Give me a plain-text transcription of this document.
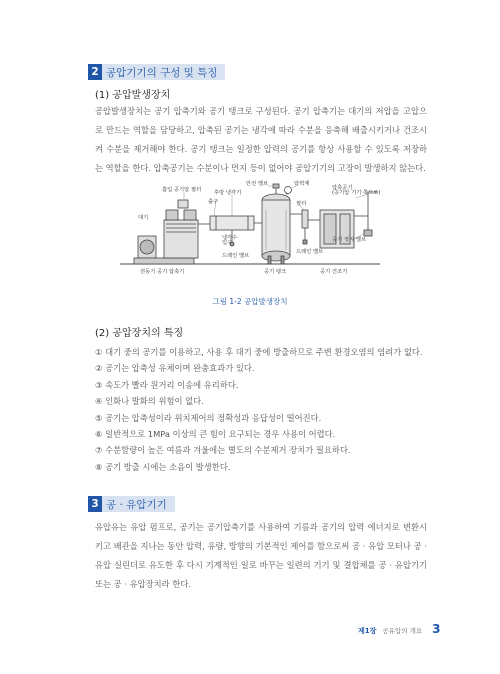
2 공압기기의 구성 및 특징
(1) 공압발생장치

공압발생장치는 공기 압축기와 공기 탱크로 구성된다. 공기 압축기는 대기의 저압을 고압으로 만드는 역할을 담당하고, 압축된 공기는 냉각에 따라 수분을 응축해 배출시키거나 건조시켜 수분을 제거해야 한다. 공기 탱크는 일정한 압력의 공기를 항상 사용할 수 있도록 저장하는 역할을 한다. 압축공기는 수분이나 먼지 등이 없어야 공압기기의 고장이 발생하지 않는다.

안전 밸브	압력계
흡입 공기압 필터 후방 냉각기
출구
대기
냉각수
입구
드레인 밸브
필터
드레인 밸브
압축공기
(공기압 기기 쪽으로)
공기 정지 밸브
전동기 공기 압축기	공기 탱크	공기 건조기
그림 1-2 공압발생장치
(2) 공압장치의 특징
① 대기 중의 공기를 이용하고, 사용 후 대기 중에 방출하므로 주변 환경오염의 염려가 없다.
② 공기는 압축성 유체이며 완충효과가 있다.
③ 속도가 빨라 원거리 이송에 유리하다.
④ 인화나 발화의 위험이 없다.
⑤ 공기는 압축성이라 위치제어의 정확성과 응답성이 떨어진다.
⑥ 일반적으로 1MPa 이상의 큰 힘이 요구되는 경우 사용이 어렵다.
⑦ 수분함량이 높은 여름과 겨울에는 별도의 수분제거 장치가 필요하다.
⑧ 공기 방출 시에는 소음이 발생한다.
3 공 · 유압기기

유압유는 유압 펌프로, 공기는 공기압축기를 사용하여 기름과 공기의 압력 에너지로 변환시키고 배관을 지나는 동안 압력, 유량, 방향의 기본적인 제어를 함으로써 공 · 유압 모터나 공 · 유압 실린더로 유도한 후 다시 기계적인 일로 바꾸는 일련의 기기 및 결합체를 공 · 유압기기 또는 공 · 유압장치라 한다.

제1장 공유압의 개요 3
